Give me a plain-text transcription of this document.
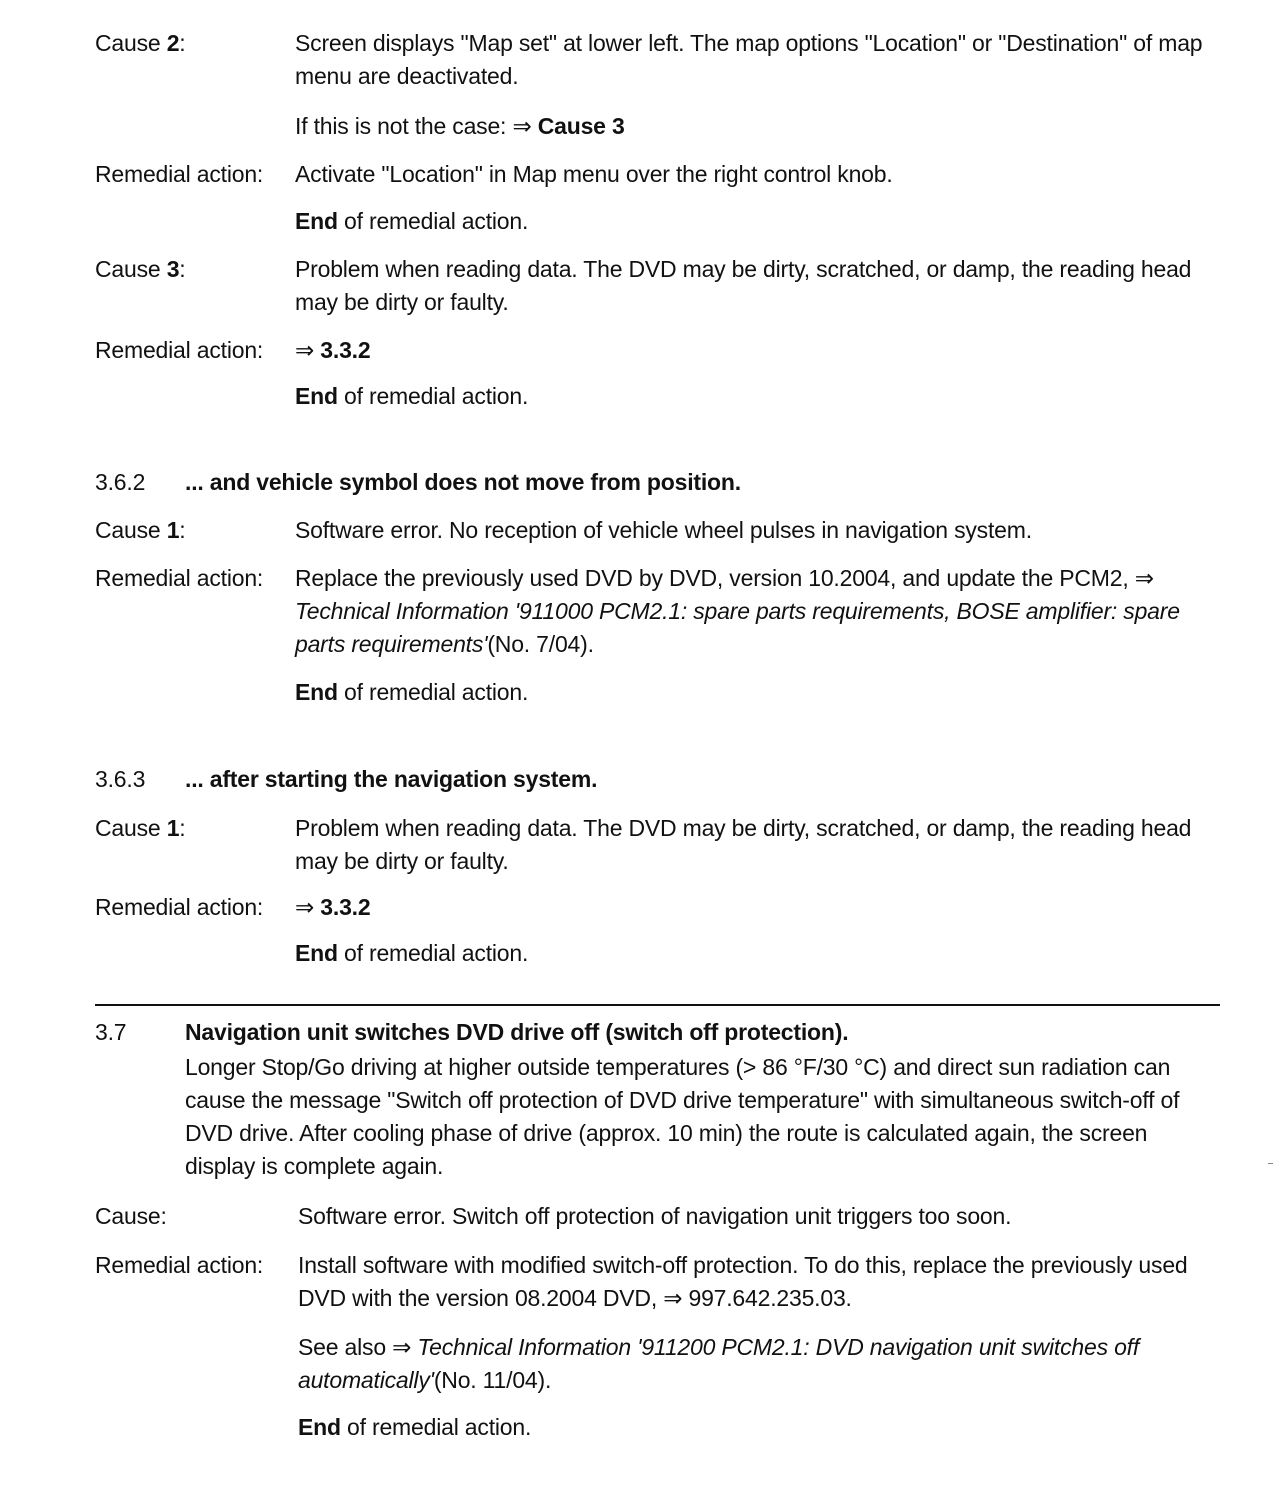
Cause 2:	Screen displays "Map set" at lower left. The map options "Location" or "Destination" of map menu are deactivated.
If this is not the case: ⇒ Cause 3
Remedial action: Activate "Location" in Map menu over the right control knob.
End of remedial action.
Cause 3:	Problem when reading data. The DVD may be dirty, scratched, or damp, the reading head may be dirty or faulty.
Remedial action: ⇒ 3.3.2
End of remedial action.
3.6.2 ... and vehicle symbol does not move from position.
Cause 1:	Software error. No reception of vehicle wheel pulses in navigation system.
Remedial action: Replace the previously used DVD by DVD, version 10.2004, and update the PCM2, ⇒ Technical Information '911000 PCM2.1: spare parts requirements, BOSE amplifier: spare parts requirements'(No. 7/04).
End of remedial action.
3.6.3 ... after starting the navigation system.
Cause 1:	Problem when reading data. The DVD may be dirty, scratched, or damp, the reading head may be dirty or faulty.
Remedial action: ⇒ 3.3.2
End of remedial action.
3.7	Navigation unit switches DVD drive off (switch off protection).
Longer Stop/Go driving at higher outside temperatures (> 86 °F/30 °C) and direct sun radiation can cause the message "Switch off protection of DVD drive temperature" with simultaneous switch-off of DVD drive. After cooling phase of drive (approx. 10 min) the route is calculated again, the screen display is complete again.
Cause:	Software error. Switch off protection of navigation unit triggers too soon.
Remedial action: Install software with modified switch-off protection. To do this, replace the previously used DVD with the version 08.2004 DVD, ⇒ 997.642.235.03.
See also ⇒ Technical Information '911200 PCM2.1: DVD navigation unit switches off automatically'(No. 11/04).
End of remedial action.
